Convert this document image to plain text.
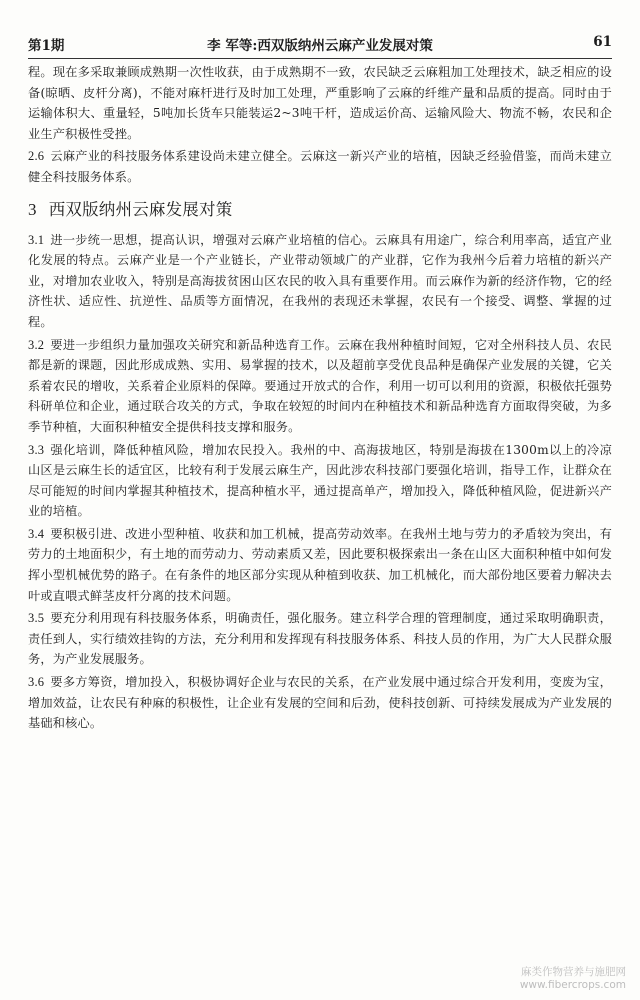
第1期	李 军等:西双版纳州云麻产业发展对策	61

程。现在多采取兼顾成熟期一次性收获，由于成熟期不一致，农民缺乏云麻粗加工处理技术，缺乏相应的设备(晾晒、皮杆分离)，不能对麻杆进行及时加工处理，严重影响了云麻的纤维产量和品质的提高。同时由于运输体积大、重量轻，5吨加长货车只能装运2~3吨干杆，造成运价高、运输风险大、物流不畅，农民和企业生产积极性受挫。

2.6 云麻产业的科技服务体系建设尚未建立健全。云麻这一新兴产业的培植，因缺乏经验借鉴，而尚未建立健全科技服务体系。

3 西双版纳州云麻发展对策

3.1 进一步统一思想，提高认识，增强对云麻产业培植的信心。云麻具有用途广，综合利用率高，适宜产业化发展的特点。云麻产业是一个产业链长，产业带动领域广的产业群，它作为我州今后着力培植的新兴产业，对增加农业收入，特别是高海拔贫困山区农民的收入具有重要作用。而云麻作为新的经济作物，它的经济性状、适应性、抗逆性、品质等方面情况，在我州的表现还未掌握，农民有一个接受、调整、掌握的过程。

3.2 要进一步组织力量加强攻关研究和新品种选育工作。云麻在我州种植时间短，它对全州科技人员、农民都是新的课题，因此形成成熟、实用、易掌握的技术，以及超前享受优良品种是确保产业发展的关键，它关系着农民的增收，关系着企业原料的保障。要通过开放式的合作，利用一切可以利用的资源，积极依托强势科研单位和企业，通过联合攻关的方式，争取在较短的时间内在种植技术和新品种选育方面取得突破，为多季节种植，大面积种植安全提供科技支撑和服务。

3.3 强化培训，降低种植风险，增加农民投入。我州的中、高海拔地区，特别是海拔在1300m以上的冷凉山区是云麻生长的适宜区，比较有利于发展云麻生产，因此涉农科技部门要强化培训，指导工作，让群众在尽可能短的时间内掌握其种植技术，提高种植水平，通过提高单产，增加投入，降低种植风险，促进新兴产业的培植。

3.4 要积极引进、改进小型种植、收获和加工机械，提高劳动效率。在我州土地与劳力的矛盾较为突出，有劳力的土地面积少，有土地的而劳动力、劳动素质又差，因此要积极探索出一条在山区大面积种植中如何发挥小型机械优势的路子。在有条件的地区部分实现从种植到收获、加工机械化，而大部份地区要着力解决去叶或直喂式鲜茎皮杆分离的技术问题。

3.5 要充分利用现有科技服务体系，明确责任，强化服务。建立科学合理的管理制度，通过采取明确职责，责任到人，实行绩效挂钩的方法，充分利用和发挥现有科技服务体系、科技人员的作用，为广大人民群众服务，为产业发展服务。

3.6 要多方筹资，增加投入，积极协调好企业与农民的关系，在产业发展中通过综合开发利用，变废为宝，增加效益，让农民有种麻的积极性，让企业有发展的空间和后劲，使科技创新、可持续发展成为产业发展的基础和核心。

麻类作物营养与施肥网
www.fibercrops.com
